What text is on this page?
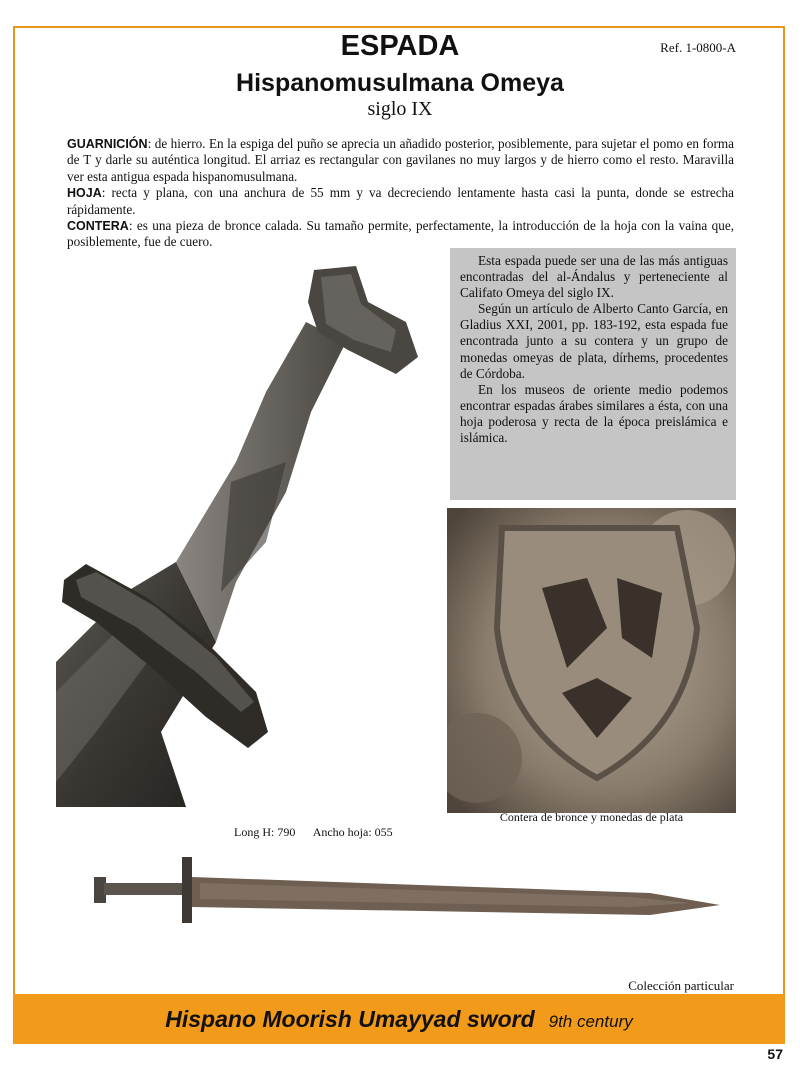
Ref. 1-0800-A
ESPADA
Hispanomusulmana Omeya
siglo IX

GUARNICIÓN: de hierro. En la espiga del puño se aprecia un añadido posterior, posiblemente, para sujetar el pomo en forma de T y darle su auténtica longitud. El arriaz es rectangular con gavilanes no muy largos y de hierro como el resto. Maravilla ver esta antigua espada hispanomusulmana.

HOJA: recta y plana, con una anchura de 55 mm y va decreciendo lentamente hasta casi la punta, donde se estrecha rápidamente.

CONTERA: es una pieza de bronce calada. Su tamaño permite, perfectamente, la introducción de la hoja con la vaina que, posiblemente, fue de cuero.

Esta espada puede ser una de las más antiguas encontradas del al-Ándalus y perteneciente al Califato Omeya del siglo IX.

Según un artículo de Alberto Canto García, en Gladius XXI, 2001, pp. 183-192, esta espada fue encontrada junto a su contera y un grupo de monedas omeyas de plata, dírhems, procedentes de Córdoba.

En los museos de oriente medio podemos encontrar espadas árabes similares a ésta, con una hoja poderosa y recta de la época preislámica e islámica.

Contera de bronce y monedas de plata
Long H: 790 Ancho hoja: 055
Colección particular
Hispano Moorish Umayyad sword 9th century
57
